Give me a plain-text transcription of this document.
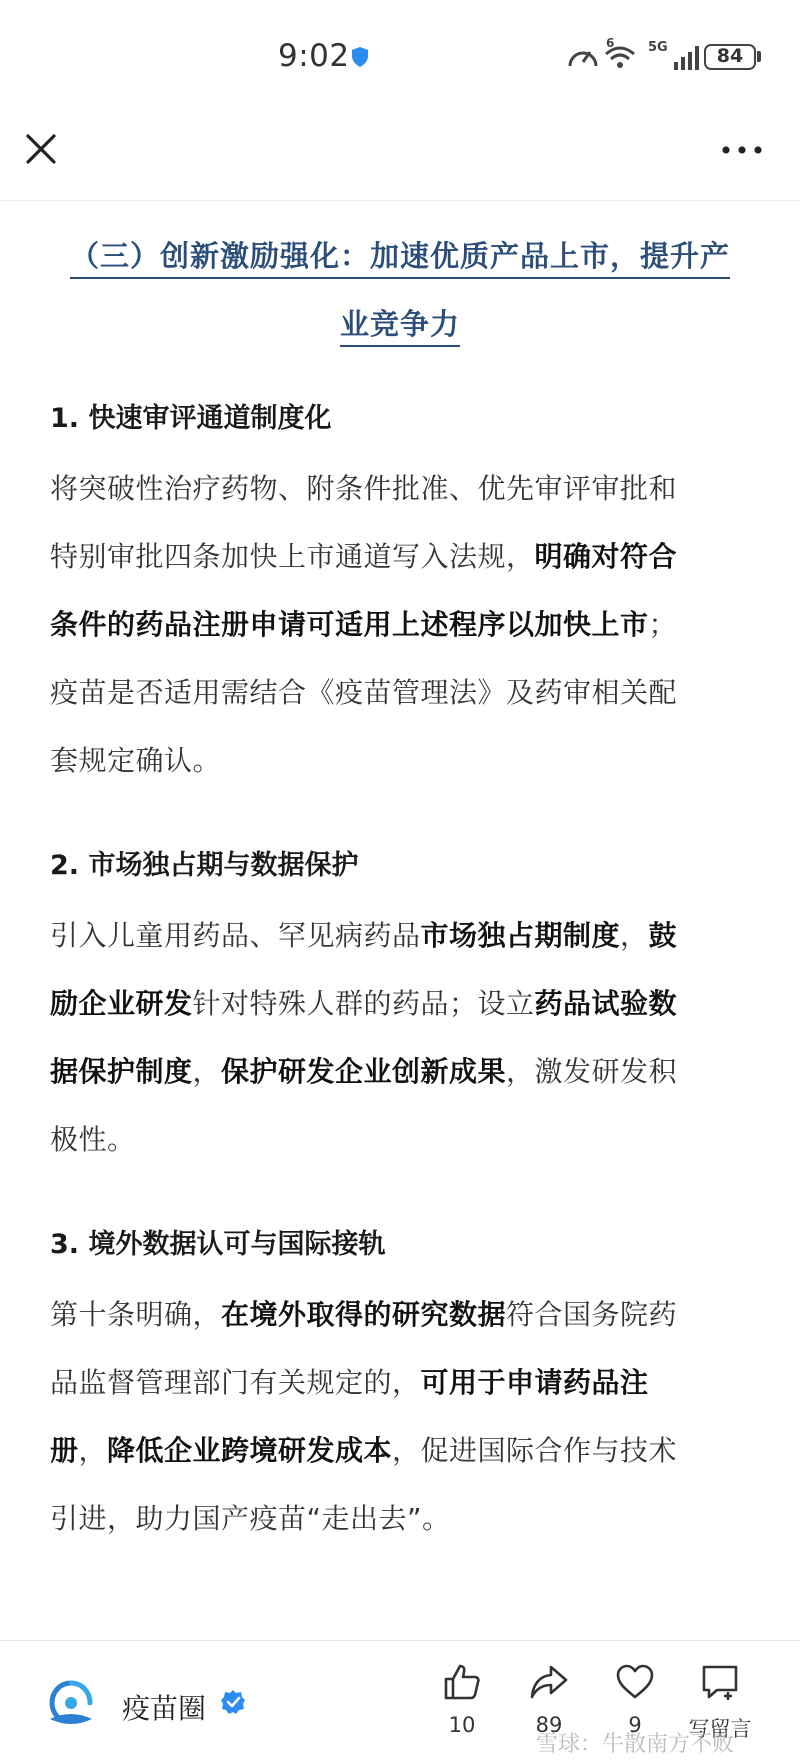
9:02	6	5G	84
（三）创新激励强化：加速优质产品上市，提升产
业竞争力
1. 快速审评通道制度化
将突破性治疗药物、附条件批准、优先审评审批和
特别审批四条加快上市通道写入法规，明确对符合
条件的药品注册申请可适用上述程序以加快上市；
疫苗是否适用需结合《疫苗管理法》及药审相关配
套规定确认。
2. 市场独占期与数据保护
引入儿童用药品、罕见病药品市场独占期制度，鼓
励企业研发针对特殊人群的药品；设立药品试验数
据保护制度，保护研发企业创新成果，激发研发积
极性。
3. 境外数据认可与国际接轨
第十条明确，在境外取得的研究数据符合国务院药
品监督管理部门有关规定的，可用于申请药品注
册，降低企业跨境研发成本，促进国际合作与技术
引进，助力国产疫苗“走出去”。
疫苗圈	10	89	9	写留言
雪球：牛散南方不败
